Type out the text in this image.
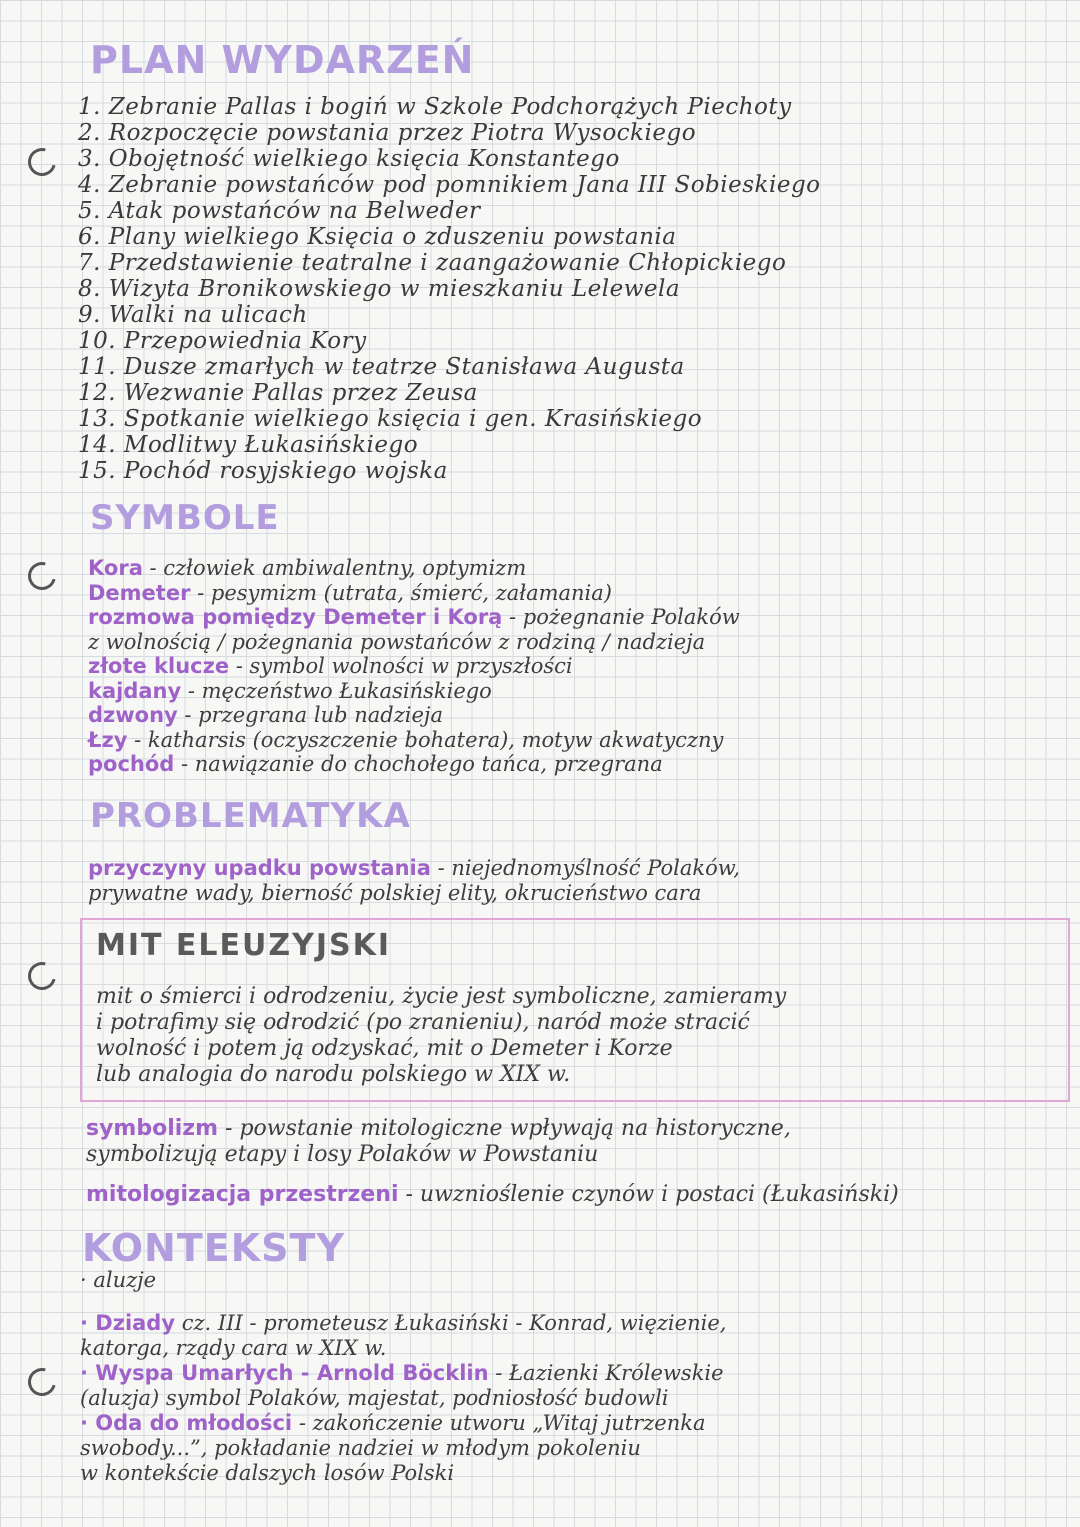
PLAN WYDARZEŃ
1. Zebranie Pallas i bogiń w Szkole Podchorążych Piechoty
2. Rozpoczęcie powstania przez Piotra Wysockiego
3. Obojętność wielkiego księcia Konstantego
4. Zebranie powstańców pod pomnikiem Jana III Sobieskiego
5. Atak powstańców na Belweder
6. Plany wielkiego Księcia o zduszeniu powstania
7. Przedstawienie teatralne i zaangażowanie Chłopickiego
8. Wizyta Bronikowskiego w mieszkaniu Lelewela
9. Walki na ulicach
10. Przepowiednia Kory
11. Dusze zmarłych w teatrze Stanisława Augusta
12. Wezwanie Pallas przez Zeusa
13. Spotkanie wielkiego księcia i gen. Krasińskiego
14. Modlitwy Łukasińskiego
15. Pochód rosyjskiego wojska
SYMBOLE
Kora - człowiek ambiwalentny, optymizm
Demeter - pesymizm (utrata, śmierć, załamania)
rozmowa pomiędzy Demeter i Korą - pożegnanie Polaków
z wolnością / pożegnania powstańców z rodziną / nadzieja
złote klucze - symbol wolności w przyszłości
kajdany - męczeństwo Łukasińskiego
dzwony - przegrana lub nadzieja
Łzy - katharsis (oczyszczenie bohatera), motyw akwatyczny
pochód - nawiązanie do chochołego tańca, przegrana
PROBLEMATYKA
przyczyny upadku powstania - niejednomyślność Polaków,
prywatne wady, bierność polskiej elity, okrucieństwo cara
MIT ELEUZYJSKI
mit o śmierci i odrodzeniu, życie jest symboliczne, zamieramy
i potrafimy się odrodzić (po zranieniu), naród może stracić
wolność i potem ją odzyskać, mit o Demeter i Korze
lub analogia do narodu polskiego w XIX w.
symbolizm - powstanie mitologiczne wpływają na historyczne,
symbolizują etapy i losy Polaków w Powstaniu
mitologizacja przestrzeni - uwznioślenie czynów i postaci (Łukasiński)
KONTEKSTY
· aluzje
· Dziady cz. III - prometeusz Łukasiński - Konrad, więzienie,
katorga, rządy cara w XIX w.
· Wyspa Umarłych - Arnold Böcklin - Łazienki Królewskie
(aluzja) symbol Polaków, majestat, podniosłość budowli
· Oda do młodości - zakończenie utworu „Witaj jutrzenka
swobody...”, pokładanie nadziei w młodym pokoleniu
w kontekście dalszych losów Polski
